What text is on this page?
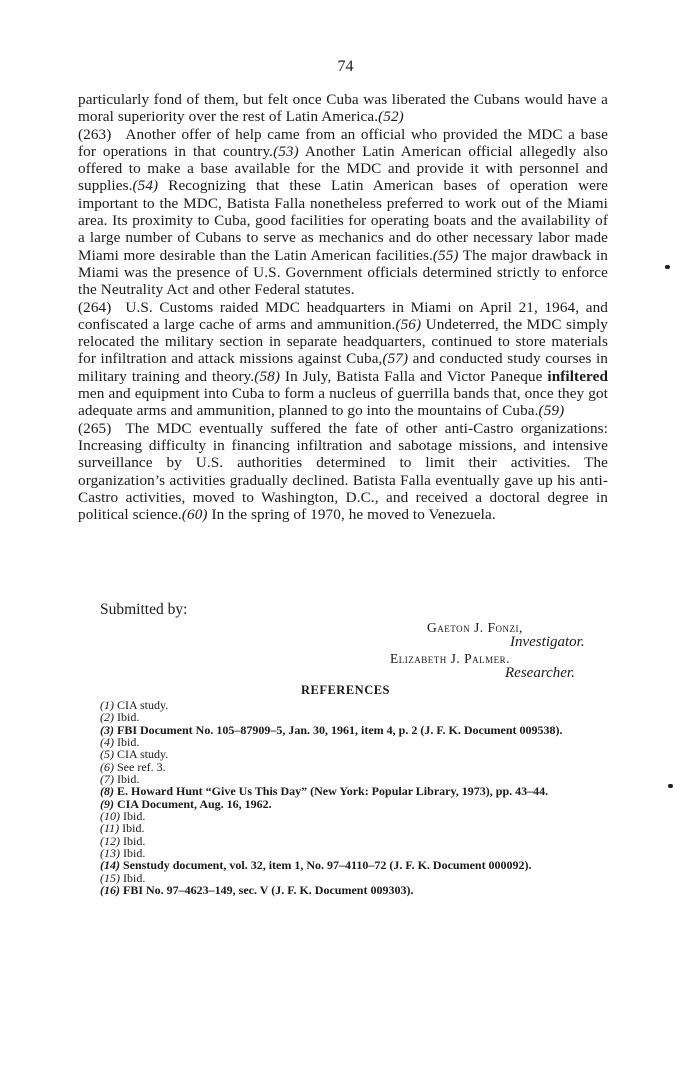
74

particularly fond of them, but felt once Cuba was liberated the Cubans would have a moral superiority over the rest of Latin America.(52)

(263) Another offer of help came from an official who provided the MDC a base for operations in that country.(53) Another Latin American official allegedly also offered to make a base available for the MDC and provide it with personnel and supplies.(54) Recognizing that these Latin American bases of operation were important to the MDC, Batista Falla nonetheless preferred to work out of the Miami area. Its proximity to Cuba, good facilities for operating boats and the availability of a large number of Cubans to serve as mechanics and do other necessary labor made Miami more desirable than the Latin American facilities.(55) The major drawback in Miami was the presence of U.S. Government officials determined strictly to enforce the Neutrality Act and other Federal statutes.

(264) U.S. Customs raided MDC headquarters in Miami on April 21, 1964, and confiscated a large cache of arms and ammunition.(56) Undeterred, the MDC simply relocated the military section in separate headquarters, continued to store materials for infiltration and attack missions against Cuba,(57) and conducted study courses in military training and theory.(58) In July, Batista Falla and Victor Paneque infiltered men and equipment into Cuba to form a nucleus of guerrilla bands that, once they got adequate arms and ammunition, planned to go into the mountains of Cuba.(59)

(265) The MDC eventually suffered the fate of other anti-Castro organizations: Increasing difficulty in financing infiltration and sabotage missions, and intensive surveillance by U.S. authorities determined to limit their activities. The organization’s activities gradually declined. Batista Falla eventually gave up his anti-Castro activities, moved to Washington, D.C., and received a doctoral degree in political science.(60) In the spring of 1970, he moved to Venezuela.

Submitted by:
Gaeton J. Fonzi,
Investigator.
Elizabeth J. Palmer.
Researcher.
REFERENCES

(1) CIA study.

(2) Ibid.

(3) FBI Document No. 105–87909–5, Jan. 30, 1961, item 4, p. 2 (J. F. K. Document 009538).

(4) Ibid.

(5) CIA study.

(6) See ref. 3.

(7) Ibid.

(8) E. Howard Hunt “Give Us This Day” (New York: Popular Library, 1973), pp. 43–44.

(9) CIA Document, Aug. 16, 1962.

(10) Ibid.

(11) Ibid.

(12) Ibid.

(13) Ibid.

(14) Senstudy document, vol. 32, item 1, No. 97–4110–72 (J. F. K. Document 000092).

(15) Ibid.

(16) FBI No. 97–4623–149, sec. V (J. F. K. Document 009303).
